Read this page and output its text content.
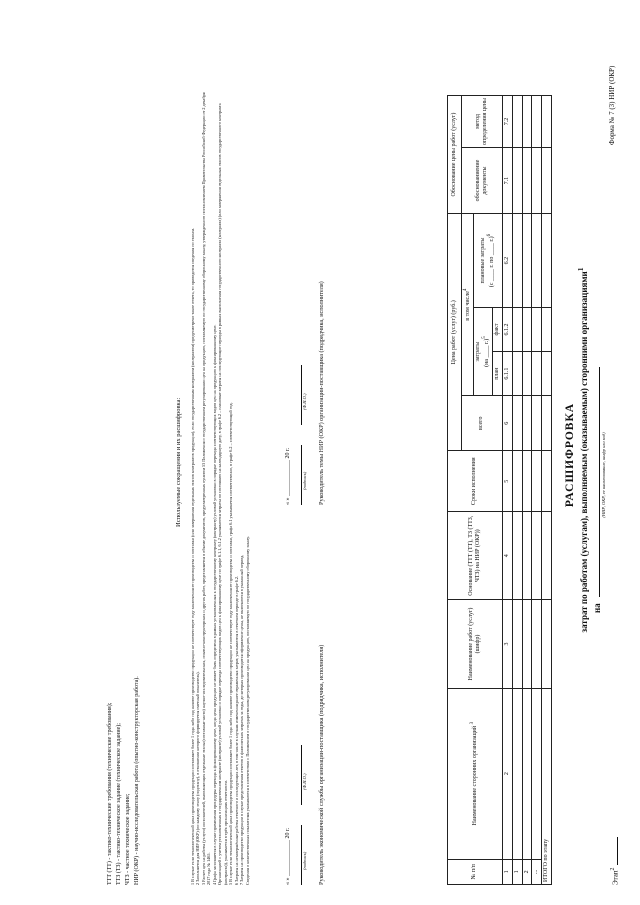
Форма № 7 (3) НИР (ОКР)
Этап$^2$
РАСШИФРОВКА затрат по работам (услугам), выполняемым (оказываемым) сторонними организациями$^1$
на
(НИР, ОКР, ее наименование, шифр или код)
№ п/п	Наименование сторонних организаций $^3$	Наименование работ (услуг) (шифр)	Основание (ТТТ (ТТ), ТЗ (ТТЗ, ЧТЗ) на НИР (ОКР))	Сроки исполнения	Цена работ (услуг) (руб.)				Обоснование цены работ (услуг)	
					всего	в том числе$^4$			обоснованиение документы	метод определения цены
						затраты (на ____ г.)$^5$		плановые затраты (с ____ г. по ____ г.)$^6$
						план	факт			
1	2	3	4	5	6	6.1.1	6.1.2	6.2	7.1	7.2
1										
2										
...										
ИТОГО по этапу										
Руководитель экономической службы организации-поставщика (подрядчика, исполнителя)
(подпись)
(Ф.И.О.)
« » ____________ 20 г.
Руководитель темы НИР (ОКР) организации-поставщика (подрядчика, исполнителя)
(подпись)
(Ф.И.О.)
« » ____________ 20 г.
1 В случае если технологический цикл производства продукции составляет более 1 года либо под начатое производство продукции не соответствует году заключения ее производства и поставки (или завершения отдельных этапов контрактов продукции), если государственным контрактом (контрактом) предусмотрено такое отчета, то приводится сведения по этапам. 2 Заполняется для НИР (ОКР) (по каждому этапу (подэтапу), в отношении которого формируется сметный показатель). 3 Расчет цен на работы (услуги) исполнителей, выполняющих отдельные этапы (составные части) научно-исследовательских, опытно-конструкторских и других работ, представляется в объеме документов, предусмотренных пунктом 53 Положения о государственном регулировании цен на продукцию, поставляемую по государственному оборонному заказу, утвержденного постановлением Правительства Российской Федерации от 2 декабря 2017 года № 1465. 4 Графа заполняется в случае применения процедуры перехода к фиксированному цене, когда цена продукции не может быть определена в рамках установленных к государственному контракту (контракту) условий установки в порядке перехода соответствующих видов цен на продукцию к фиксированному цене. Организацией с учетом установленных в государственном контракте (контракте) условий установки и порядке перехода соответствующих видов цен к фиксированному цене по графе 6.1.1, 6.1.2 указываются затраты по состоянию на календарную дату, в графе 6.2 – плановые затраты на последующие периоды в рамках выполнения государственного контракта (контракта) (или завершения отдельных этапов государственного контракта (контракта)), указывается в трёх организациях отчетности. 5 В случае если технологический цикл производства продукции составляет более 1 года либо под начатое производство продукции не соответствует году заключения ее производства и поставки, графа 6.1 указывается соответственно, в графе 6.2 – соответствующий год. 6 Затраты на незавершённые работы отчетного и последующих лет, в том числе в случаях изменения ранее отраженных затрат, указываются в отчетном периоде в графе 6.2. 7 Затраты на производство продукции в случае представления отчетов о фактических затратах за годы, до которых производится оформление цены, не включаются в указанный период. Сведения о количественных показателях указываются в соответствии с Положением о государственном регулировании цен на продукцию, поставляемую по государственному оборонному заказу.
Используемые сокращения и их расшифровка:
ТТТ (ТТ) - тактико-технические требования (технические требования); ТТЗ (ТЗ) - тактико-техническое задание (техническое задание); ЧТЗ - частное техническое задание; НИР (ОКР) - научно-исследовательская работа (опытно-конструкторская работа).
